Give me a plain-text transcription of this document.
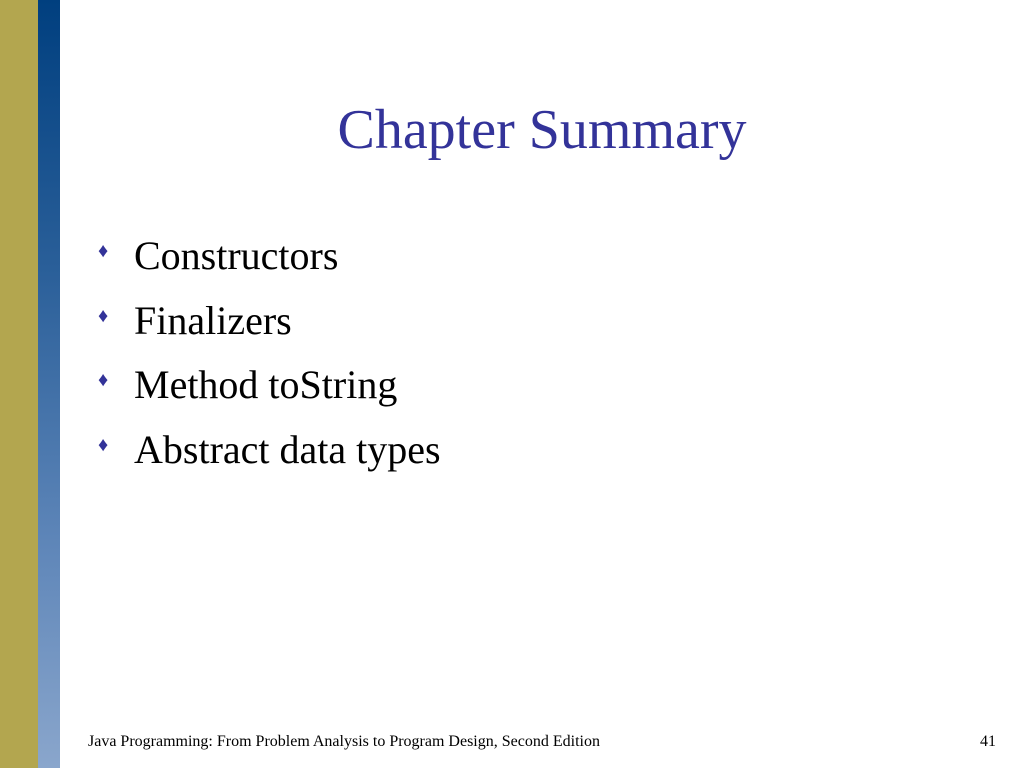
Chapter Summary
♦ Constructors
♦ Finalizers
♦ Method toString
♦ Abstract data types
Java Programming: From Problem Analysis to Program Design, Second Edition	41
